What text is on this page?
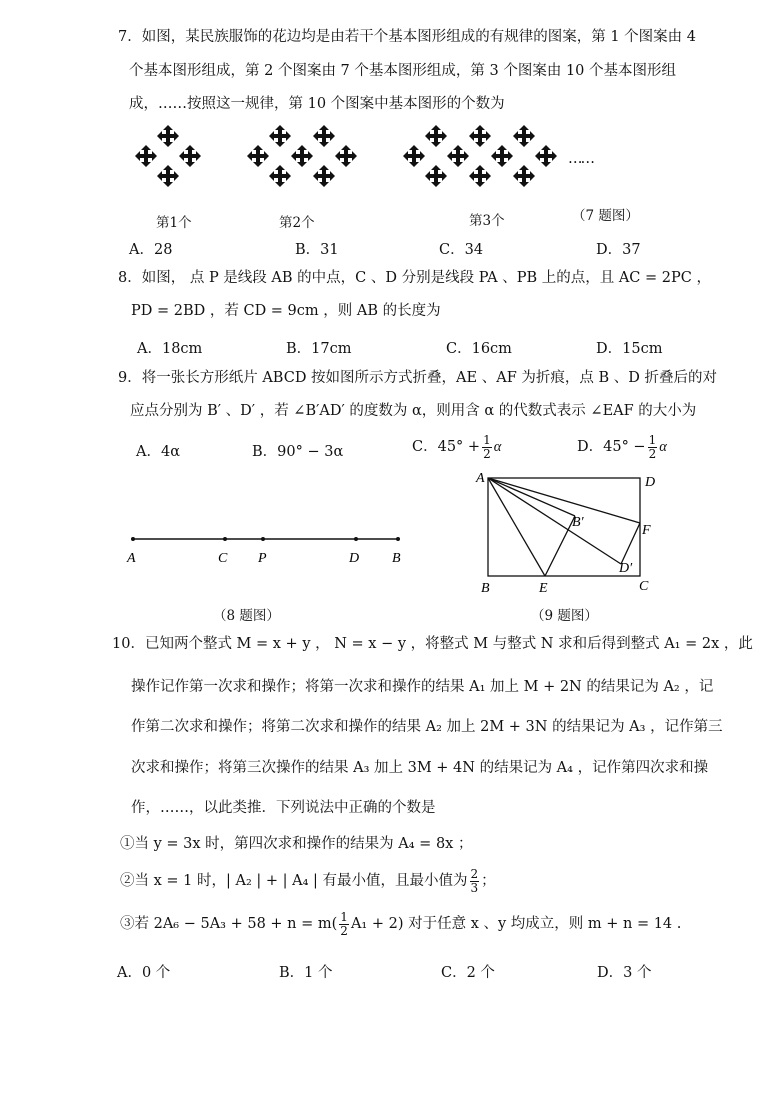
7．如图，某民族服饰的花边均是由若干个基本图形组成的有规律的图案，第 1 个图案由 4
个基本图形组成，第 2 个图案由 7 个基本图形组成，第 3 个图案由 10 个基本图形组
成，……按照这一规律，第 10 个图案中基本图形的个数为
……
第1个	第2个	第3个	（7 题图）
A．28	B．31	C．34	D．37
8．如图， 点 P 是线段 AB 的中点，C 、D 分别是线段 PA 、PB 上的点，且 AC = 2PC ，
PD = 2BD ，若 CD = 9cm ，则 AB 的长度为
A．18cm	B．17cm	C．16cm	D．15cm
9．将一张长方形纸片 ABCD 按如图所示方式折叠，AE 、AF 为折痕，点 B 、D 折叠后的对
应点分别为 B′ 、D′ ，若 ∠B′AD′ 的度数为 α，则用含 α 的代数式表示 ∠EAF 的大小为
A．4α	B．90° − 3α	C．$45^\circ + \frac{1}{2}$ α	D．$45^\circ - \frac{1}{2}$ α
A	C P	D B
A	D
B′
F
D′
B	E	C
（8 题图）	（9 题图）
10．已知两个整式 M = x + y ， N = x − y ，将整式 M 与整式 N 求和后得到整式 A₁ = 2x ，此
操作记作第一次求和操作；将第一次求和操作的结果 A₁ 加上 M + 2N 的结果记为 A₂ ，记
作第二次求和操作；将第二次求和操作的结果 A₂ 加上 2M + 3N 的结果记为 A₃ ，记作第三
次求和操作；将第三次操作的结果 A₃ 加上 3M + 4N 的结果记为 A₄ ，记作第四次求和操
作，……，以此类推．下列说法中正确的个数是
①当 y = 3x 时，第四次求和操作的结果为 A₄ = 8x ；
②当 x = 1 时，| A₂ | + | A₄ | 有最小值，且最小值为 $\frac{2}{3}$ ；
③若 $2A_6 - 5A_3 + 58 + n = m( \frac{1}{2} A_1 + 2)$ 对于任意 x 、y 均成立，则 m + n = 14 .
A．0 个	B．1 个	C．2 个	D．3 个
